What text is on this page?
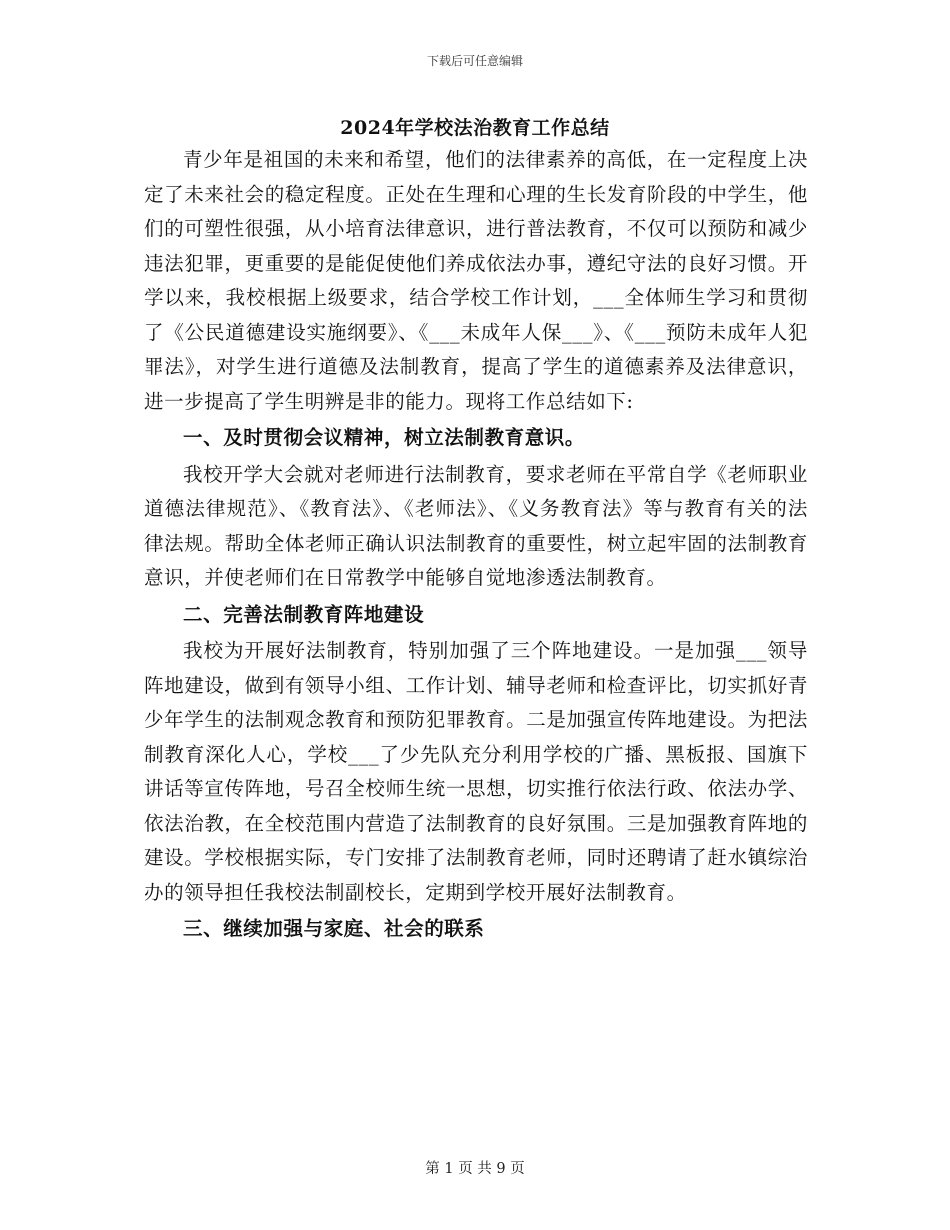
下载后可任意编辑
2024年学校法治教育工作总结

青少年是祖国的未来和希望，他们的法律素养的高低，在一定程度上决定了未来社会的稳定程度。正处在生理和心理的生长发育阶段的中学生，他们的可塑性很强，从小培育法律意识，进行普法教育，不仅可以预防和减少违法犯罪，更重要的是能促使他们养成依法办事，遵纪守法的良好习惯。开学以来，我校根据上级要求，结合学校工作计划，___全体师生学习和贯彻了《公民道德建设实施纲要》、《___未成年人保___》、《___预防未成年人犯罪法》，对学生进行道德及法制教育，提高了学生的道德素养及法律意识，进一步提高了学生明辨是非的能力。现将工作总结如下:

一、及时贯彻会议精神，树立法制教育意识。

我校开学大会就对老师进行法制教育，要求老师在平常自学《老师职业道德法律规范》、《教育法》、《老师法》、《义务教育法》等与教育有关的法律法规。帮助全体老师正确认识法制教育的重要性，树立起牢固的法制教育意识，并使老师们在日常教学中能够自觉地渗透法制教育。

二、完善法制教育阵地建设

我校为开展好法制教育，特别加强了三个阵地建设。一是加强___领导阵地建设，做到有领导小组、工作计划、辅导老师和检查评比，切实抓好青少年学生的法制观念教育和预防犯罪教育。二是加强宣传阵地建设。为把法制教育深化人心，学校___了少先队充分利用学校的广播、黑板报、国旗下讲话等宣传阵地，号召全校师生统一思想，切实推行依法行政、依法办学、依法治教，在全校范围内营造了法制教育的良好氛围。三是加强教育阵地的建设。学校根据实际，专门安排了法制教育老师，同时还聘请了赶水镇综治办的领导担任我校法制副校长，定期到学校开展好法制教育。

三、继续加强与家庭、社会的联系

第 1 页 共 9 页
